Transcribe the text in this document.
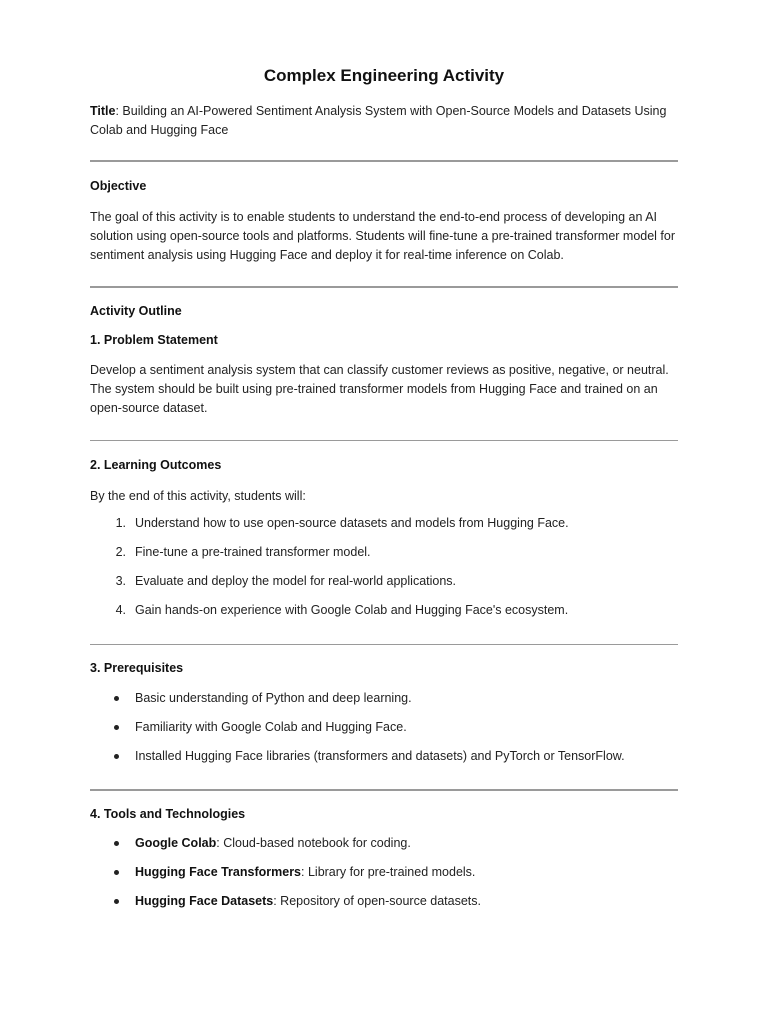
Complex Engineering Activity
Title: Building an AI-Powered Sentiment Analysis System with Open-Source Models and Datasets Using Colab and Hugging Face
Objective
The goal of this activity is to enable students to understand the end-to-end process of developing an AI solution using open-source tools and platforms. Students will fine-tune a pre-trained transformer model for sentiment analysis using Hugging Face and deploy it for real-time inference on Colab.
Activity Outline
1. Problem Statement
Develop a sentiment analysis system that can classify customer reviews as positive, negative, or neutral. The system should be built using pre-trained transformer models from Hugging Face and trained on an open-source dataset.
2. Learning Outcomes
By the end of this activity, students will:
1. Understand how to use open-source datasets and models from Hugging Face.
2. Fine-tune a pre-trained transformer model.
3. Evaluate and deploy the model for real-world applications.
4. Gain hands-on experience with Google Colab and Hugging Face's ecosystem.
3. Prerequisites
Basic understanding of Python and deep learning.
Familiarity with Google Colab and Hugging Face.
Installed Hugging Face libraries (transformers and datasets) and PyTorch or TensorFlow.
4. Tools and Technologies
Google Colab: Cloud-based notebook for coding.
Hugging Face Transformers: Library for pre-trained models.
Hugging Face Datasets: Repository of open-source datasets.
